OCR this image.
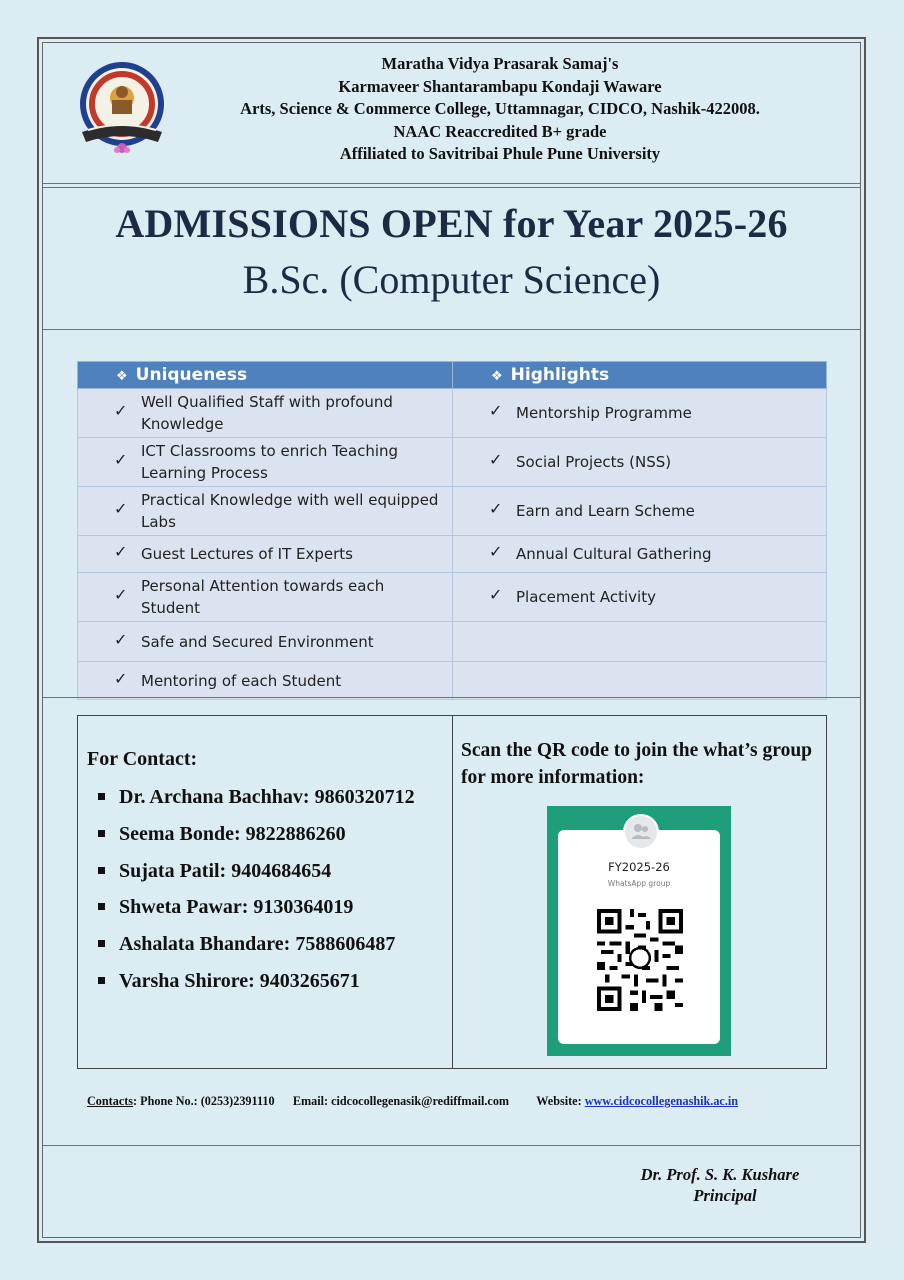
Maratha Vidya Prasarak Samaj's
Karmaveer Shantarambapu Kondaji Waware
Arts, Science & Commerce College, Uttamnagar, CIDCO, Nashik-422008.
NAAC Reaccredited B+ grade
Affiliated to Savitribai Phule Pune University
ADMISSIONS OPEN for Year 2025-26
B.Sc. (Computer Science)
❖ Uniqueness	❖ Highlights

✓ Well Qualified Staff with profound Knowledge	✓ Mentorship Programme

✓ ICT Classrooms to enrich Teaching Learning Process	✓ Social Projects (NSS)

✓ Practical Knowledge with well equipped Labs	✓ Earn and Learn Scheme

✓ Guest Lectures of IT Experts	✓ Annual Cultural Gathering

✓ Personal Attention towards each Student	✓ Placement Activity

✓ Safe and Secured Environment	

✓ Mentoring of each Student	
For Contact:
Dr. Archana Bachhav: 9860320712
Seema Bonde: 9822886260
Sujata Patil: 9404684654
Shweta Pawar: 9130364019
Ashalata Bhandare: 7588606487
Varsha Shirore: 9403265671
Scan the QR code to join the what’s group for more information:
FY2025-26
WhatsApp group
Contacts: Phone No.: (0253)2391110 Email: cidcocollegenasik@rediffmail.com Website: www.cidcocollegenashik.ac.in
Dr. Prof. S. K. Kushare
Principal
